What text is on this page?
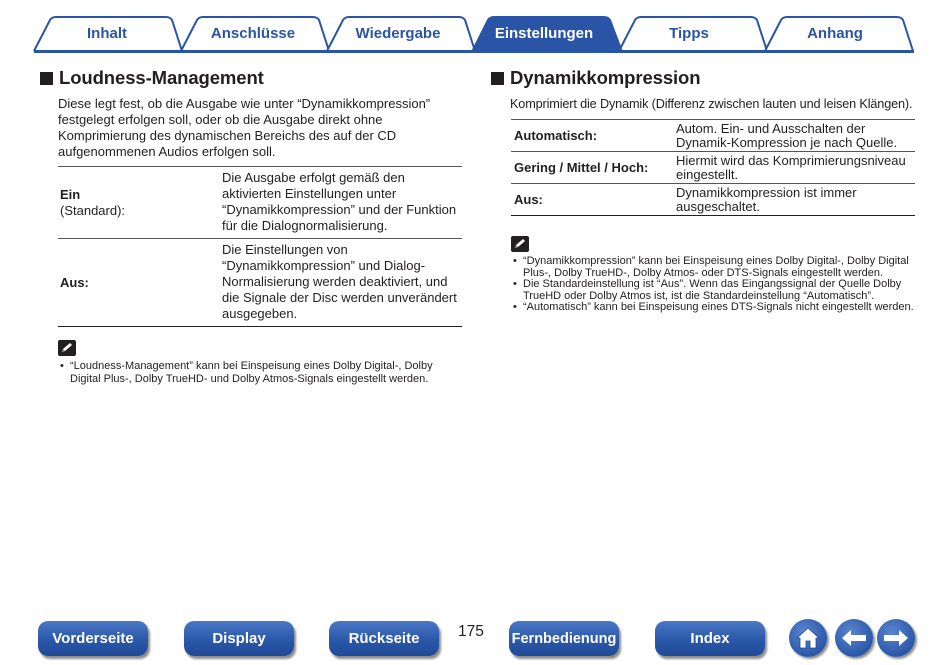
Inhalt	Anschlüsse	Wiedergabe	Einstellungen	Tipps	Anhang
Loudness-Management

Diese legt fest, ob die Ausgabe wie unter “Dynamikkompression” festgelegt erfolgen soll, oder ob die Ausgabe direkt ohne Komprimierung des dynamischen Bereichs des auf der CD aufgenommenen Audios erfolgen soll.

Ein
(Standard):	Die Ausgabe erfolgt gemäß den aktivierten Einstellungen unter “Dynamikkompression” und der Funktion für die Dialognormalisierung.

Aus:	Die Einstellungen von “Dynamikkompression” und Dialog-Normalisierung werden deaktiviert, und die Signale der Disc werden unverändert ausgegeben.
• “Loudness-Management” kann bei Einspeisung eines Dolby Digital-, Dolby Digital Plus-, Dolby TrueHD- und Dolby Atmos-Signals eingestellt werden.
Dynamikkompression

Komprimiert die Dynamik (Differenz zwischen lauten und leisen Klängen).

Automatisch:	Autom. Ein- und Ausschalten der Dynamik-Kompression je nach Quelle.
Gering / Mittel / Hoch:	Hiermit wird das Komprimierungsniveau eingestellt.
Aus:	Dynamikkompression ist immer ausgeschaltet.
• “Dynamikkompression” kann bei Einspeisung eines Dolby Digital-, Dolby Digital Plus-, Dolby TrueHD-, Dolby Atmos- oder DTS-Signals eingestellt werden.
• Die Standardeinstellung ist “Aus”. Wenn das Eingangssignal der Quelle Dolby TrueHD oder Dolby Atmos ist, ist die Standardeinstellung “Automatisch”.
• “Automatisch” kann bei Einspeisung eines DTS-Signals nicht eingestellt werden.
Vorderseite	Display	Rückseite	175 Fernbedienung	Index
